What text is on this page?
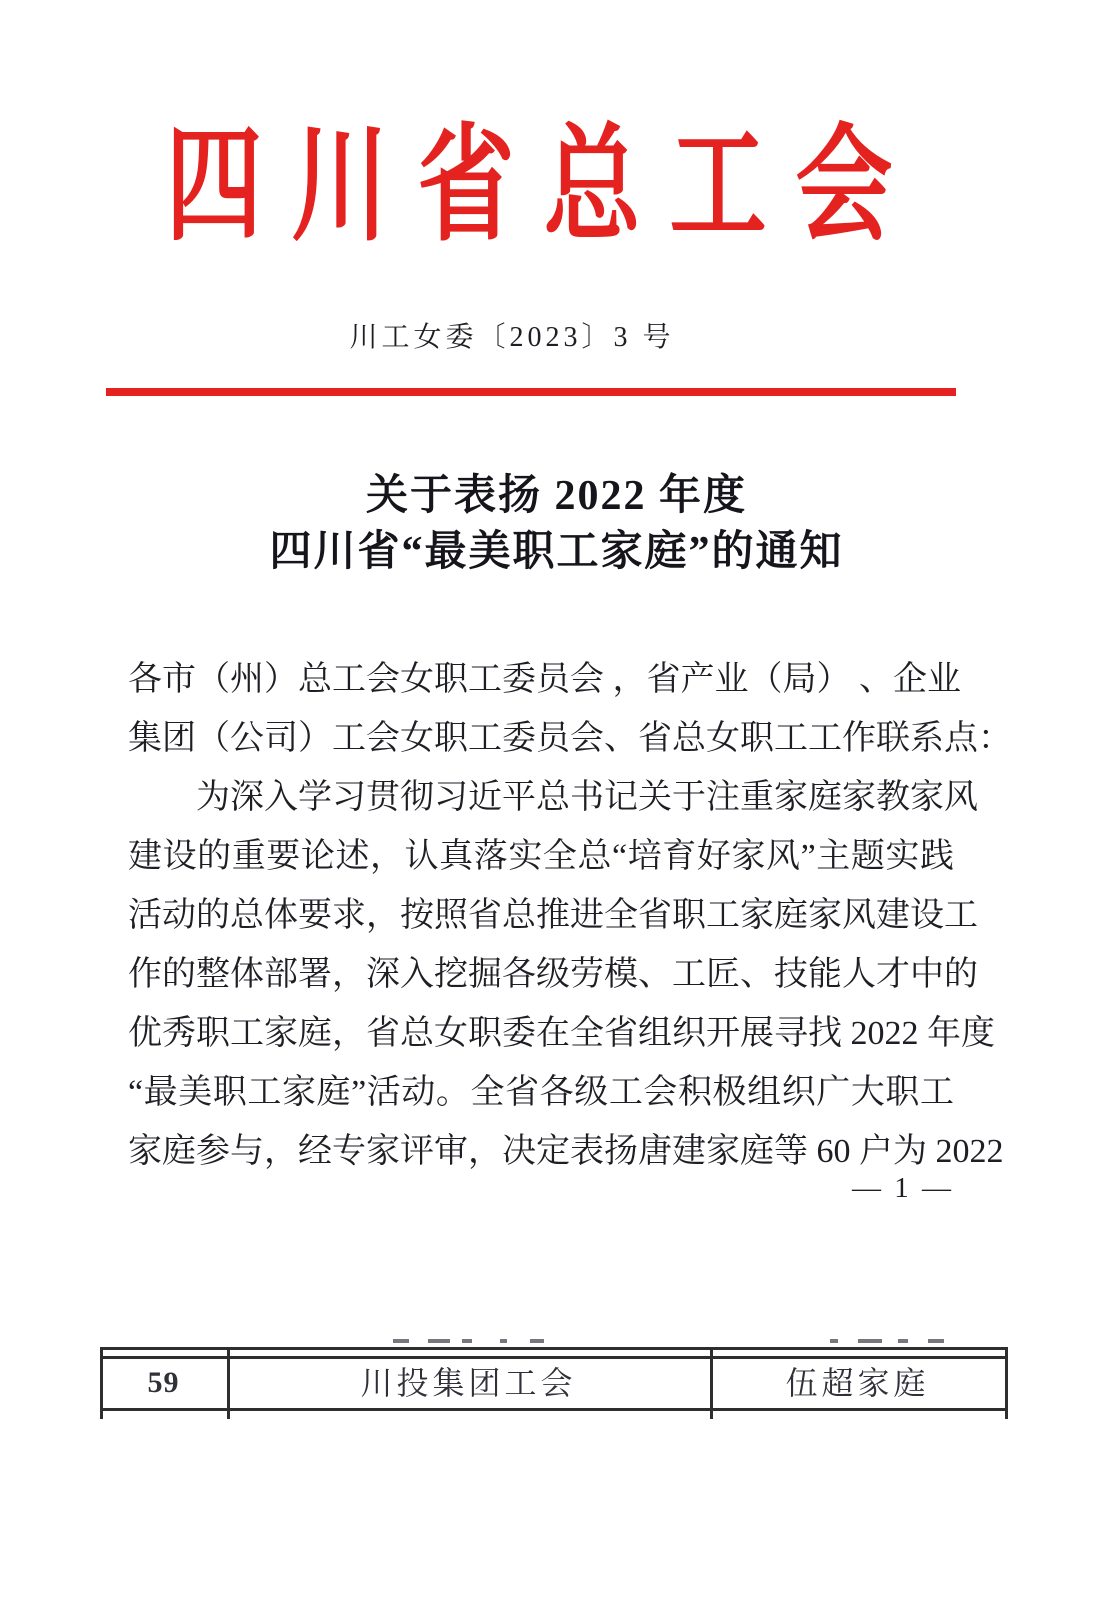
四川省总工会
川工女委〔2023〕3 号
关于表扬 2022 年度
四川省“最美职工家庭”的通知
各市（州）总工会女职工委员会 ，省产业（局） 、企业
集团（公司）工会女职工委员会、省总女职工工作联系点：
为深入学习贯彻习近平总书记关于注重家庭家教家风
建设的重要论述，认真落实全总“培育好家风”主题实践
活动的总体要求，按照省总推进全省职工家庭家风建设工
作的整体部署，深入挖掘各级劳模、工匠、技能人才中的
优秀职工家庭，省总女职委在全省组织开展寻找 2022 年度
“最美职工家庭”活动。全省各级工会积极组织广大职工
家庭参与，经专家评审，决定表扬唐建家庭等 60 户为 2022
— 1 —
59	川投集团工会	伍超家庭
